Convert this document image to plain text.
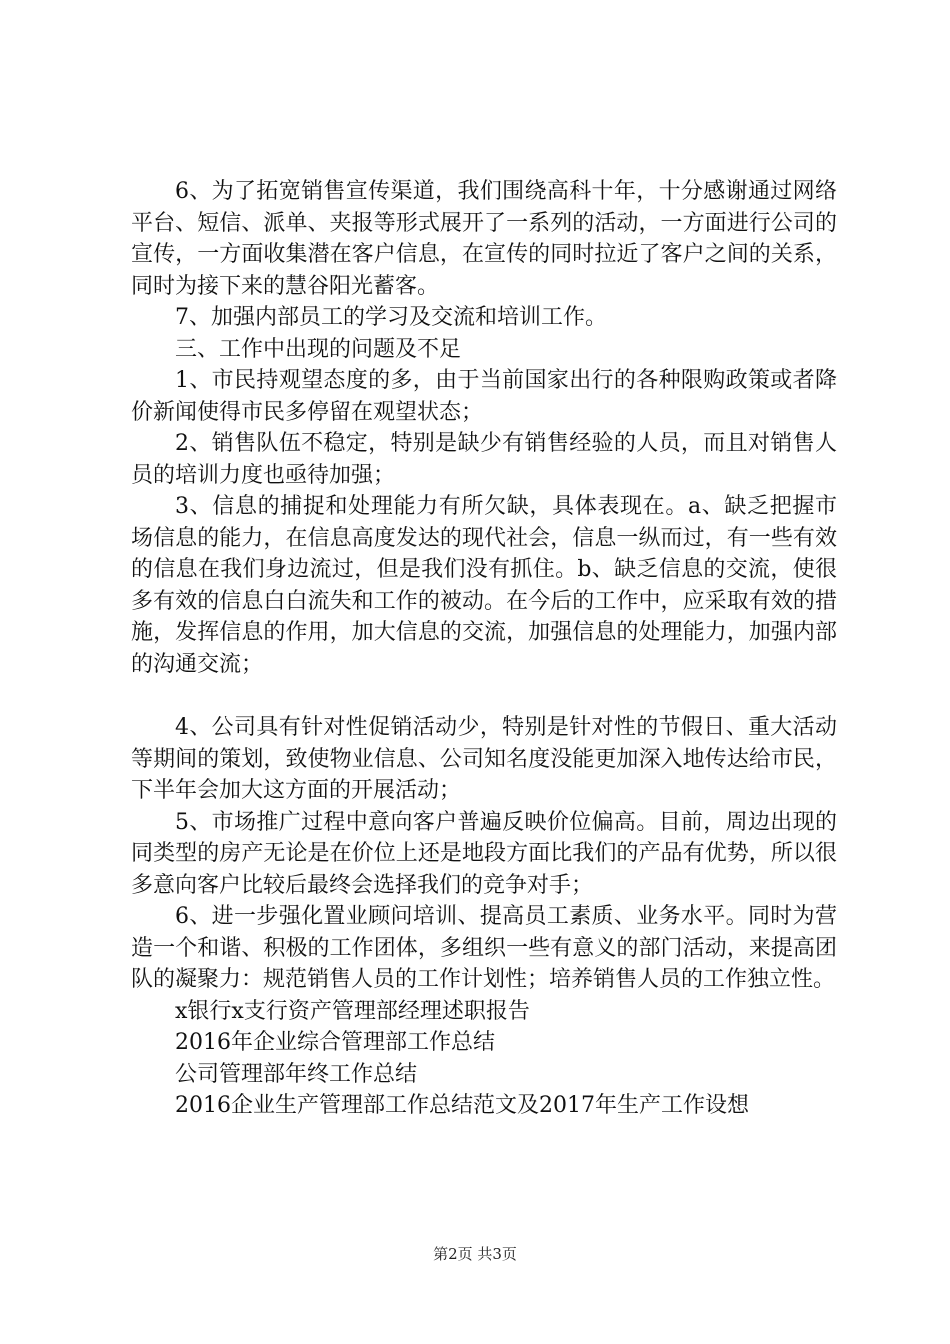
6、为了拓宽销售宣传渠道，我们围绕高科十年，十分感谢通过网络平台、短信、派单、夹报等形式展开了一系列的活动，一方面进行公司的宣传，一方面收集潜在客户信息，在宣传的同时拉近了客户之间的关系，同时为接下来的慧谷阳光蓄客。

7、加强内部员工的学习及交流和培训工作。

三、工作中出现的问题及不足

1、市民持观望态度的多，由于当前国家出行的各种限购政策或者降价新闻使得市民多停留在观望状态；

2、销售队伍不稳定，特别是缺少有销售经验的人员，而且对销售人员的培训力度也亟待加强；

3、信息的捕捉和处理能力有所欠缺，具体表现在。a、缺乏把握市场信息的能力，在信息高度发达的现代社会，信息一纵而过，有一些有效的信息在我们身边流过，但是我们没有抓住。b、缺乏信息的交流，使很多有效的信息白白流失和工作的被动。在今后的工作中，应采取有效的措施，发挥信息的作用，加大信息的交流，加强信息的处理能力，加强内部的沟通交流；

4、公司具有针对性促销活动少，特别是针对性的节假日、重大活动等期间的策划，致使物业信息、公司知名度没能更加深入地传达给市民，下半年会加大这方面的开展活动；

5、市场推广过程中意向客户普遍反映价位偏高。目前，周边出现的同类型的房产无论是在价位上还是地段方面比我们的产品有优势，所以很多意向客户比较后最终会选择我们的竞争对手；

6、进一步强化置业顾问培训、提高员工素质、业务水平。同时为营造一个和谐、积极的工作团体，多组织一些有意义的部门活动，来提高团队的凝聚力：规范销售人员的工作计划性；培养销售人员的工作独立性。

x银行x支行资产管理部经理述职报告

2016年企业综合管理部工作总结

公司管理部年终工作总结

2016企业生产管理部工作总结范文及2017年生产工作设想

第2页 共3页
